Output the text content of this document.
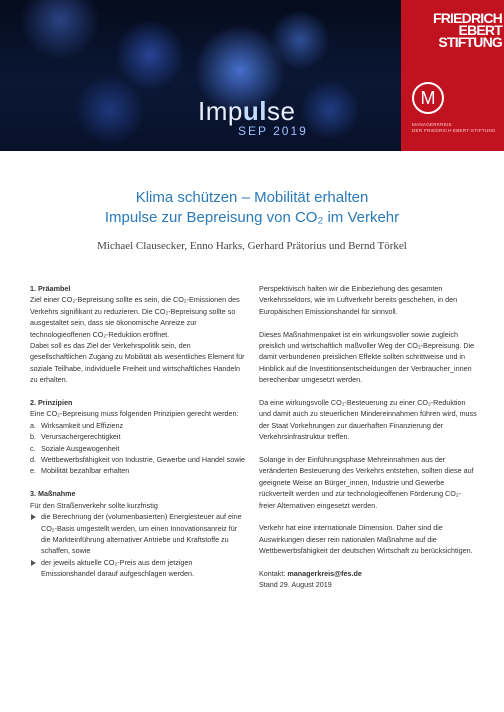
Impulse
SEP 2019
FRIEDRICH
EBERT
STIFTUNG
M
MANAGERKREIS
DER FRIEDRICH-EBERT-STIFTUNG
Klima schützen – Mobilität erhalten
Impulse zur Bepreisung von CO₂ im Verkehr
Michael Clausecker, Enno Harks, Gerhard Prätorius und Bernd Törkel

1. Präambel

Ziel einer CO₂-Bepreisung sollte es sein, die CO₂-Emissionen des Verkehrs signifikant zu reduzieren. Die CO₂-Bepreisung sollte so ausgestaltet sein, dass sie ökonomische Anreize zur technologieoffenen CO₂-Reduktion eröffnet.

Dabei soll es das Ziel der Verkehrspolitik sein, den gesellschaftlichen Zugang zu Mobilität als wesentliches Element für soziale Teilhabe, individuelle Freiheit und wirtschaftliches Handeln zu erhalten.

2. Prinzipien

Eine CO₂-Bepreisung muss folgenden Prinzipien gerecht werden:

a. Wirksamkeit und Effizienz
b. Verursachergerechtigkeit
c. Soziale Ausgewogenheit
d. Wettbewerbsfähigkeit von Industrie, Gewerbe und Handel sowie
e. Mobilität bezahlbar erhalten

3. Maßnahme

Für den Straßenverkehr sollte kurzfristig

die Berechnung der (volumenbasierten) Energiesteuer auf eine CO₂-Basis umgestellt werden, um einen Innovationsanreiz für die Markteinführung alternativer Antriebe und Kraftstoffe zu schaffen, sowie
der jeweils aktuelle CO₂-Preis aus dem jetzigen Emissionshandel darauf aufgeschlagen werden.

Perspektivisch halten wir die Einbeziehung des gesamten Verkehrssektors, wie im Luftverkehr bereits geschehen, in den Europäischen Emissionshandel für sinnvoll.

Dieses Maßnahmenpaket ist ein wirkungsvoller sowie zugleich preislich und wirtschaftlich maßvoller Weg der CO₂-Bepreisung. Die damit verbundenen preislichen Effekte sollten schrittweise und in Hinblick auf die Investitionsentscheidungen der Verbraucher_innen berechenbar umgesetzt werden.

Da eine wirkungsvolle CO₂-Besteuerung zu einer CO₂-Reduktion und damit auch zu steuerlichen Mindereinnahmen führen wird, muss der Staat Vorkehrungen zur dauerhaften Finanzierung der Verkehrsinfrastruktur treffen.

Solange in der Einführungsphase Mehreinnahmen aus der veränderten Besteuerung des Verkehrs entstehen, sollten diese auf geeignete Weise an Bürger_innen, Industrie und Gewerbe rückverteilt werden und zur technologieoffenen Förderung CO₂-freier Alternativen eingesetzt werden.

Verkehr hat eine internationale Dimension. Daher sind die Auswirkungen dieser rein nationalen Maßnahme auf die Wettbewerbsfähigkeit der deutschen Wirtschaft zu berücksichtigen.

Kontakt: managerkreis@fes.de

Stand 29. August 2019
